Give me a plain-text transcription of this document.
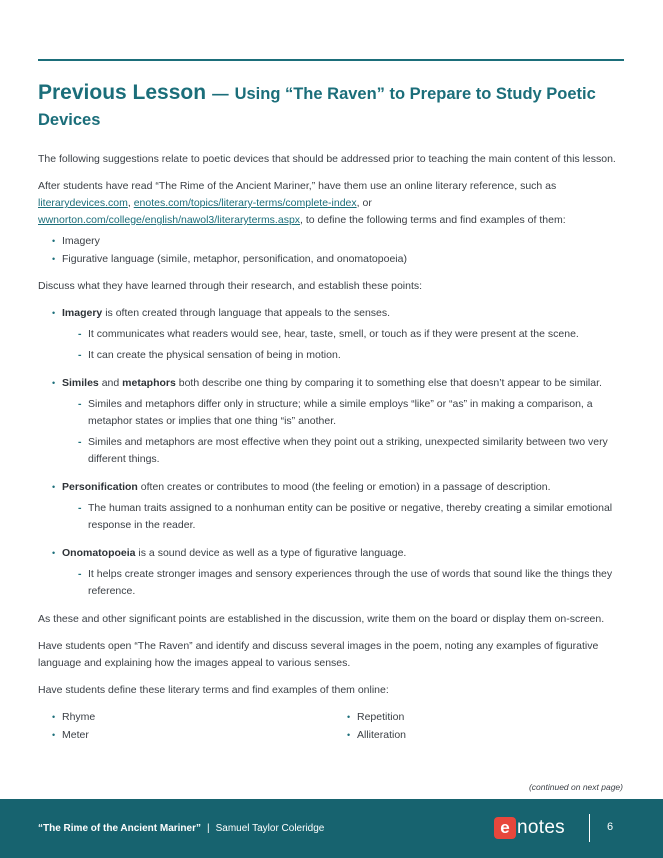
Previous Lesson — Using “The Raven” to Prepare to Study Poetic Devices

The following suggestions relate to poetic devices that should be addressed prior to teaching the main content of this lesson.

After students have read “The Rime of the Ancient Mariner,” have them use an online literary reference, such as literarydevices.com, enotes.com/topics/literary-terms/complete-index, or wwnorton.com/college/english/nawol3/literaryterms.aspx, to define the following terms and find examples of them:

• Imagery
• Figurative language (simile, metaphor, personification, and onomatopoeia)

Discuss what they have learned through their research, and establish these points:

• Imagery is often created through language that appeals to the senses.
- It communicates what readers would see, hear, taste, smell, or touch as if they were present at the scene.
- It can create the physical sensation of being in motion.
• Similes and metaphors both describe one thing by comparing it to something else that doesn’t appear to be similar.
- Similes and metaphors differ only in structure; while a simile employs “like” or “as” in making a comparison, a metaphor states or implies that one thing “is” another.
- Similes and metaphors are most effective when they point out a striking, unexpected similarity between two very different things.
• Personification often creates or contributes to mood (the feeling or emotion) in a passage of description.
- The human traits assigned to a nonhuman entity can be positive or negative, thereby creating a similar emotional response in the reader.
• Onomatopoeia is a sound device as well as a type of figurative language.
- It helps create stronger images and sensory experiences through the use of words that sound like the things they reference.

As these and other significant points are established in the discussion, write them on the board or display them on-screen.

Have students open “The Raven” and identify and discuss several images in the poem, noting any examples of figurative language and explaining how the images appeal to various senses.

Have students define these literary terms and find examples of them online:

• Rhyme
• Meter
• Repetition
• Alliteration
(continued on next page)
“The Rime of the Ancient Mariner” | Samuel Taylor Coleridge	e notes	6
